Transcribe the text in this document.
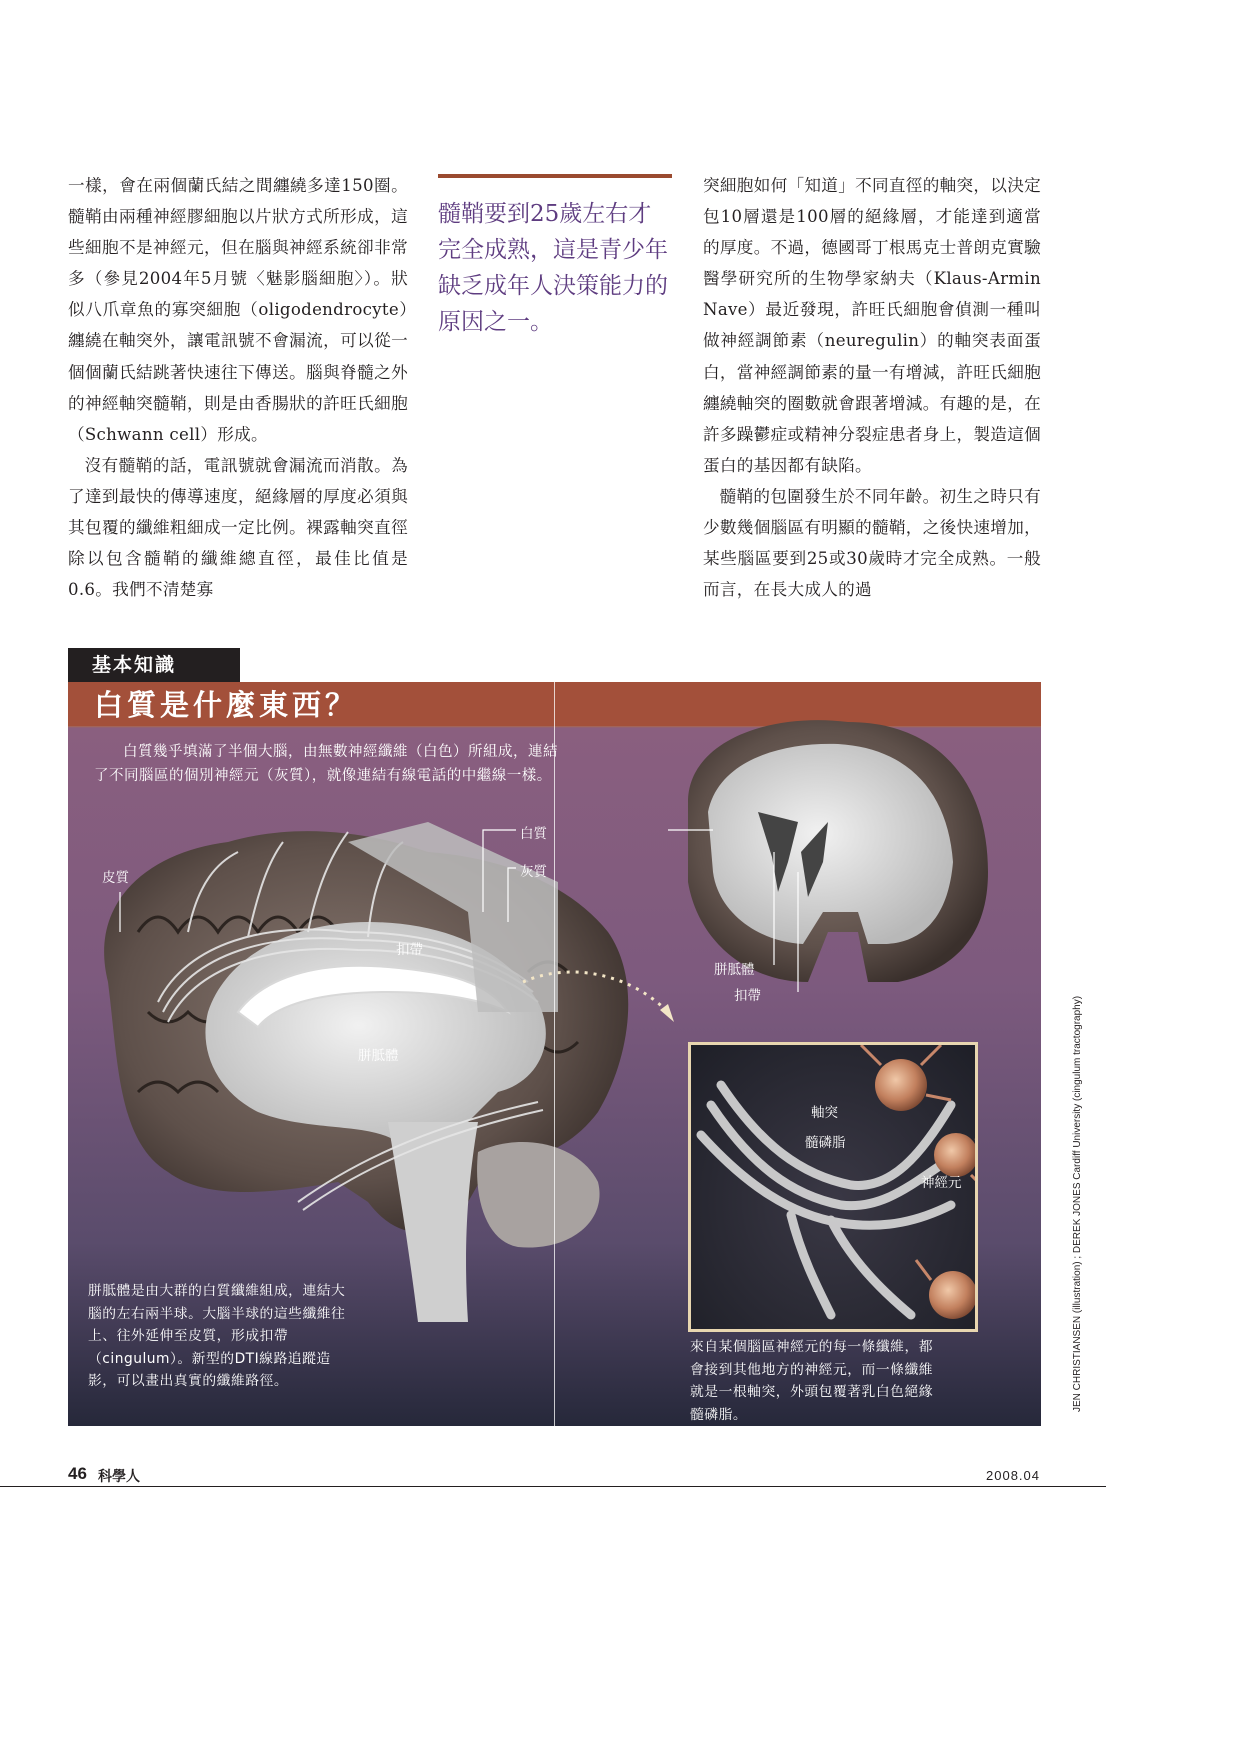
一樣，會在兩個蘭氏結之間纏繞多達150圈。髓鞘由兩種神經膠細胞以片狀方式所形成，這些細胞不是神經元，但在腦與神經系統卻非常多（參見2004年5月號〈魅影腦細胞〉）。狀似八爪章魚的寡突細胞（oligodendrocyte）纏繞在軸突外，讓電訊號不會漏流，可以從一個個蘭氏結跳著快速往下傳送。腦與脊髓之外的神經軸突髓鞘，則是由香腸狀的許旺氏細胞（Schwann cell）形成。

沒有髓鞘的話，電訊號就會漏流而消散。為了達到最快的傳導速度，絕緣層的厚度必須與其包覆的纖維粗細成一定比例。裸露軸突直徑除以包含髓鞘的纖維總直徑，最佳比值是0.6。我們不清楚寡

髓鞘要到25歲左右才完全成熟，這是青少年缺乏成年人決策能力的原因之一。

突細胞如何「知道」不同直徑的軸突，以決定包10層還是100層的絕緣層，才能達到適當的厚度。不過，德國哥丁根馬克士普朗克實驗醫學研究所的生物學家納夫（Klaus-Armin Nave）最近發現，許旺氏細胞會偵測一種叫做神經調節素（neuregulin）的軸突表面蛋白，當神經調節素的量一有增減，許旺氏細胞纏繞軸突的圈數就會跟著增減。有趣的是，在許多躁鬱症或精神分裂症患者身上，製造這個蛋白的基因都有缺陷。

髓鞘的包圍發生於不同年齡。初生之時只有少數幾個腦區有明顯的髓鞘，之後快速增加，某些腦區要到25或30歲時才完全成熟。一般而言，在長大成人的過

基本知識
白質是什麼東西？

白質幾乎填滿了半個大腦，由無數神經纖維（白色）所組成，連結了不同腦區的個別神經元（灰質），就像連結有線電話的中繼線一樣。

白質
灰質
皮質
扣帶
胼胝體
胼胝體
扣帶
軸突
髓磷脂
神經元

胼胝體是由大群的白質纖維組成，連結大腦的左右兩半球。大腦半球的這些纖維往上、往外延伸至皮質，形成扣帶（cingulum）。新型的DTI線路追蹤造影，可以畫出真實的纖維路徑。

來自某個腦區神經元的每一條纖維，都會接到其他地方的神經元，而一條纖維就是一根軸突，外頭包覆著乳白色絕緣髓磷脂。

JEN CHRISTIANSEN (illustration) ; DEREK JONES Cardiff University (cingulum tractography)
46 科學人	2008.04
